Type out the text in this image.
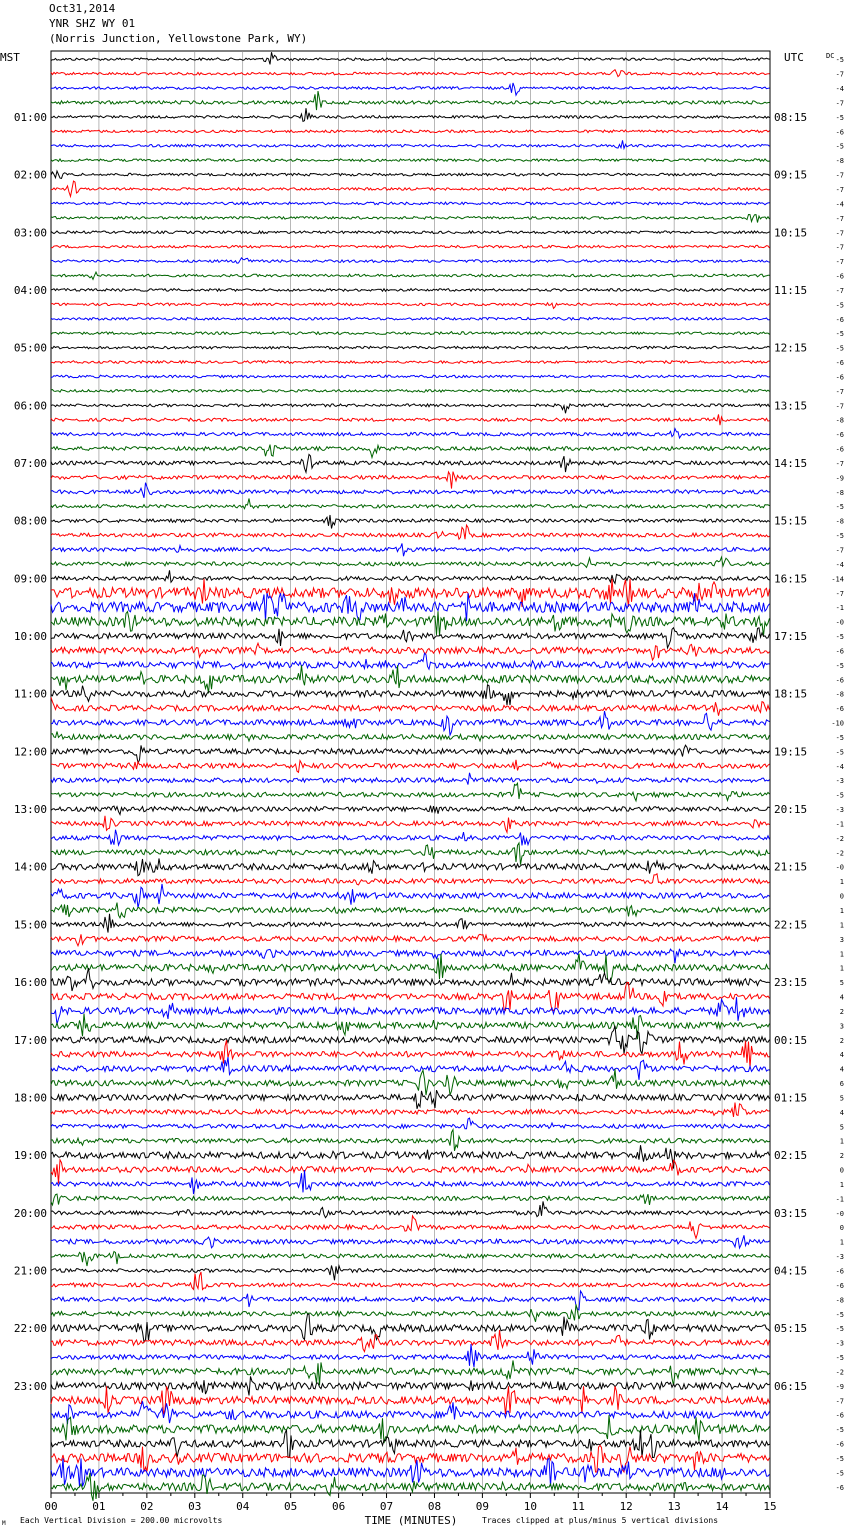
Oct31,2014
YNR SHZ WY 01
(Norris Junction, Yellowstone Park, WY)
01:00
02:00
03:00
04:00
05:00
06:00
07:00
08:00
09:00
10:00
11:00
12:00
13:00
14:00
15:00
16:00
17:00
18:00
19:00
20:00
21:00
22:00
23:00
08:15
09:15
10:15
11:15
12:15
13:15
14:15
15:15
16:15
17:15
18:15
19:15
20:15
21:15
22:15
23:15
00:15
01:15
02:15
03:15
04:15
05:15
06:15
-5
-7
-4
-7
-5
-6
-5
-8
-7
-7
-4
-7
-7
-7
-7
-6
-7
-5
-6
-5
-5
-6
-6
-7
-7
-8
-6
-6
-7
-9
-8
-5
-8
-5
-7
-4
-14
-7
-1
-0
-5
-6
-5
-6
-8
-6
-10
-5
-5
-4
-3
-5
-3
-1
-2
-2
-0
1
0
1
1
3
1
1
5
4
2
3
2
4
4
6
5
4
5
1
2
0
1
-1
-0
0
1
-3
-6
-6
-8
-5
-5
-3
-5
-2
-9
-7
-6
-5
-6
-5
-5
-6
MST	UTC	DC
00	01	02	03	04	05	06	07	08	09	10	11	12	13	14	15
TIME (MINUTES)
Each Vertical Division = 200.00 microvolts	Traces clipped at plus/minus 5 vertical divisions
M
